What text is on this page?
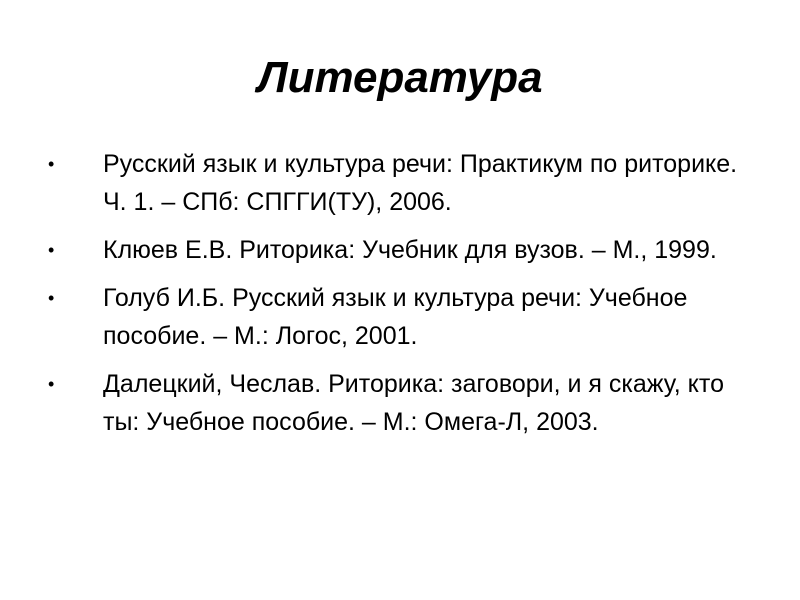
Литература
•	Русский язык и культура речи: Практикум по риторике. Ч. 1. – СПб: СПГГИ(ТУ), 2006.
•	Клюев Е.В. Риторика: Учебник для вузов. – М., 1999.
•	Голуб И.Б. Русский язык и культура речи: Учебное пособие. – М.: Логос, 2001.
•	Далецкий, Чеслав. Риторика: заговори, и я скажу, кто ты: Учебное пособие. – М.: Омега-Л, 2003.
